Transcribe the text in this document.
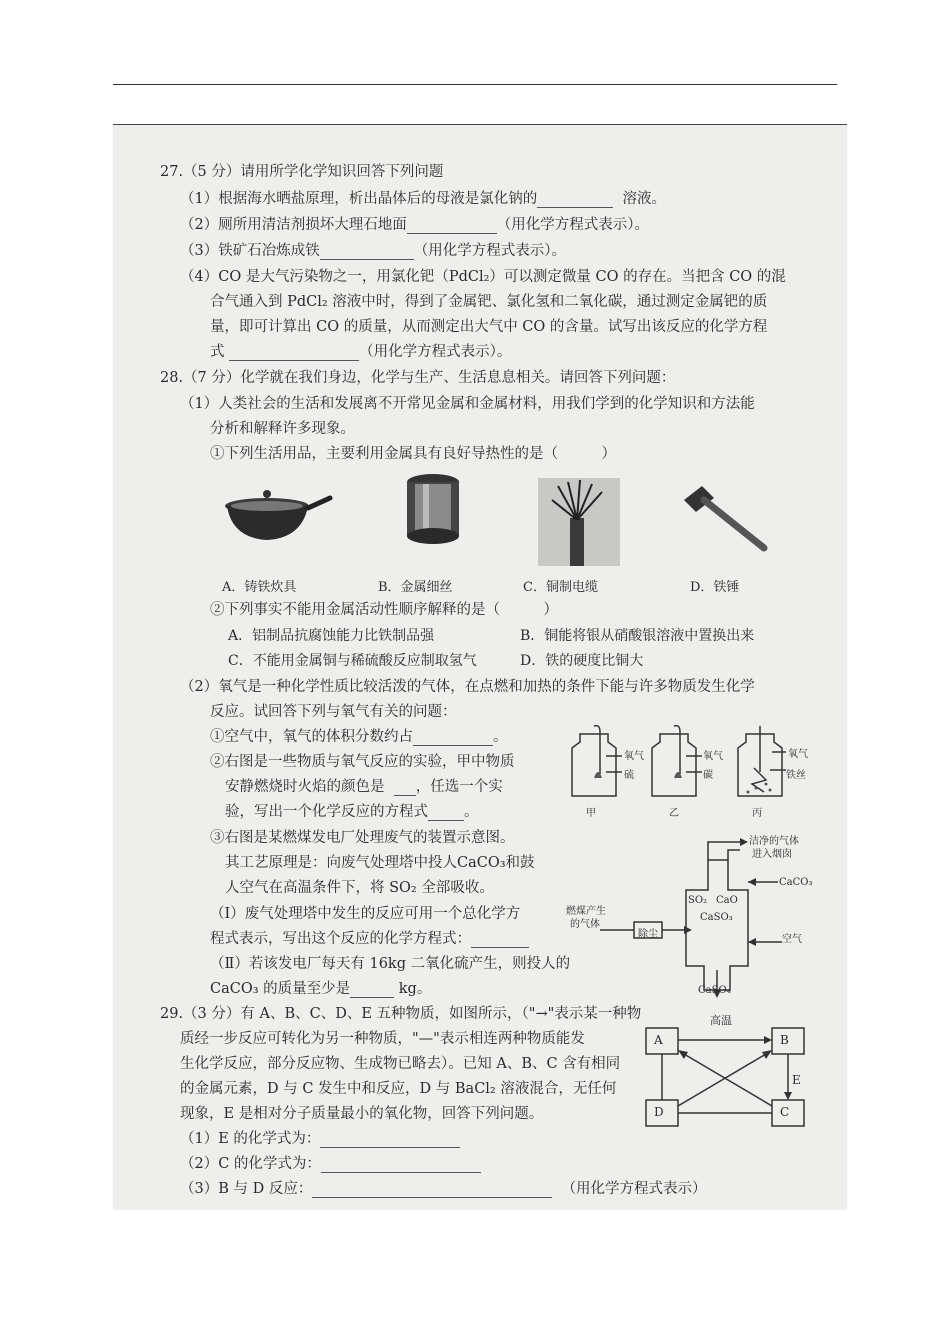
27.（5 分）请用所学化学知识回答下列问题
（1）根据海水晒盐原理，析出晶体后的母液是氯化钠的	溶液。
（2）厕所用清洁剂损坏大理石地面	（用化学方程式表示）。
（3）铁矿石冶炼成铁	（用化学方程式表示）。
（4）CO 是大气污染物之一，用氯化钯（PdCl₂）可以测定微量 CO 的存在。当把含 CO 的混
合气通入到 PdCl₂ 溶液中时，得到了金属钯、氯化氢和二氧化碳，通过测定金属钯的质
量，即可计算出 CO 的质量，从而测定出大气中 CO 的含量。试写出该反应的化学方程
式	（用化学方程式表示）。
28.（7 分）化学就在我们身边，化学与生产、生活息息相关。请回答下列问题：
（1）人类社会的生活和发展离不开常见金属和金属材料，用我们学到的化学知识和方法能
分析和解释许多现象。
①下列生活用品，主要利用金属具有良好导热性的是（　　　）
A．铸铁炊具	B．金属细丝	C．铜制电缆	D．铁锤
②下列事实不能用金属活动性顺序解释的是（　　　）
A．铝制品抗腐蚀能力比铁制品强	B．铜能将银从硝酸银溶液中置换出来
C．不能用金属铜与稀硫酸反应制取氢气	D．铁的硬度比铜大
（2）氧气是一种化学性质比较活泼的气体，在点燃和加热的条件下能与许多物质发生化学
反应。试回答下列与氧气有关的问题：
①空气中，氧气的体积分数约占	。
②右图是一些物质与氧气反应的实验，甲中物质
安静燃烧时火焰的颜色是 ，任选一个实
验，写出一个化学反应的方程式 。
③右图是某燃煤发电厂处理废气的装置示意图。
其工艺原理是：向废气处理塔中投人CaCO₃和鼓
人空气在高温条件下，将 SO₂ 全部吸收。
（Ⅰ）废气处理塔中发生的反应可用一个总化学方
程式表示，写出这个反应的化学方程式：
（Ⅱ）若该发电厂每天有 16kg 二氧化硫产生，则投人的
CaCO₃ 的质量至少是	kg。
氧气
硫
氧气
碳
氧气
铁丝
甲	乙	丙
洁净的气体
进入烟囱
CaCO₃
燃煤产生
的气体
除尘
SO₂ CaO
CaSO₃
空气
CaSO₄
29.（3 分）有 A、B、C、D、E 五种物质，如图所示，（"→"表示某一种物
质经一步反应可转化为另一种物质，"—"表示相连两种物质能发
生化学反应，部分反应物、生成物已略去）。已知 A、B、C 含有相同
的金属元素，D 与 C 发生中和反应，D 与 BaCl₂ 溶液混合，无任何
现象，E 是相对分子质量最小的氧化物，回答下列问题。
（1）E 的化学式为：
（2）C 的化学式为：
（3）B 与 D 反应：	（用化学方程式表示）
高温
A	B
D	C
E
